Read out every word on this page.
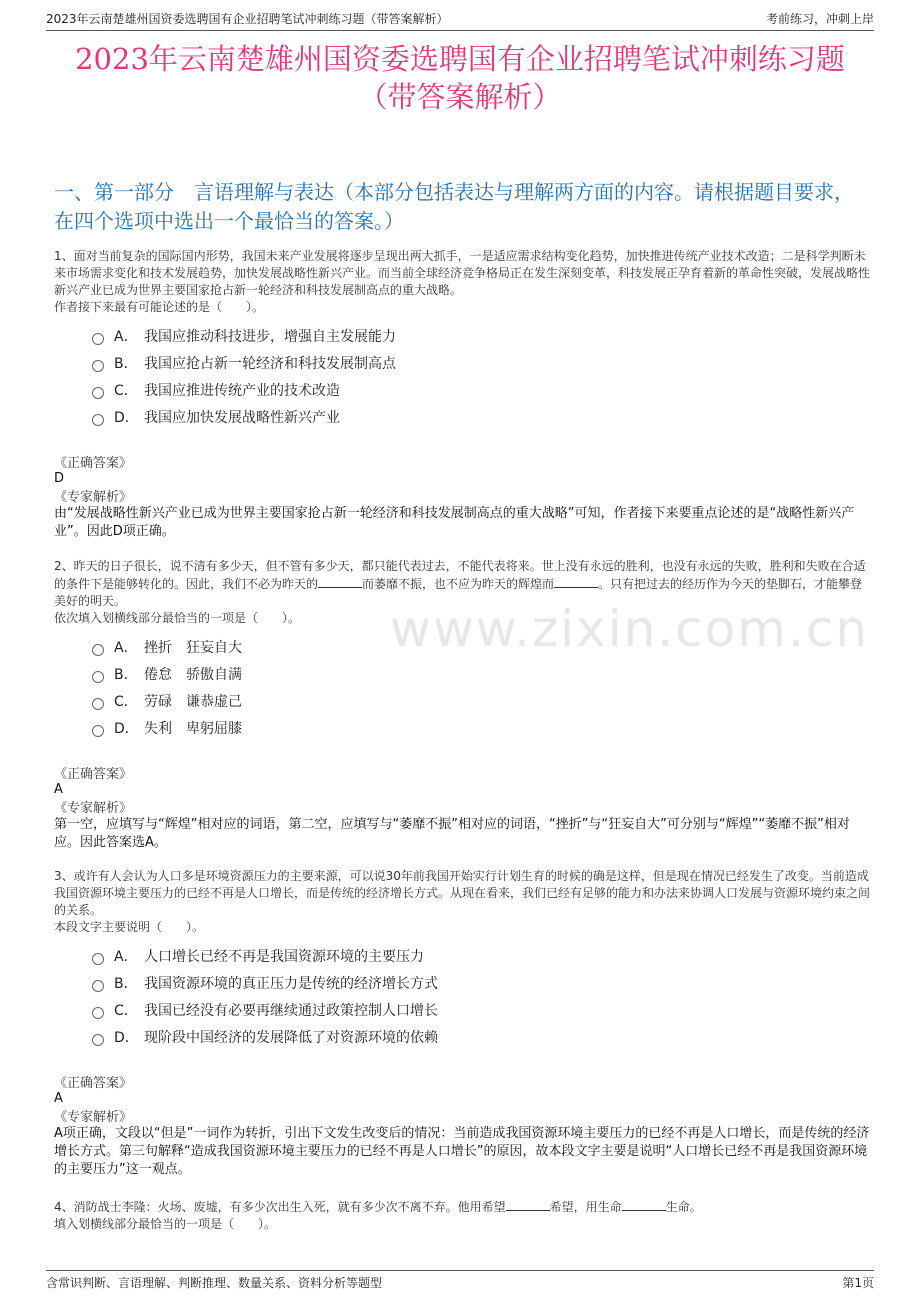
2023年云南楚雄州国资委选聘国有企业招聘笔试冲刺练习题（带答案解析）	考前练习，冲刺上岸
2023年云南楚雄州国资委选聘国有企业招聘笔试冲刺练习题
（带答案解析）
一、第一部分　言语理解与表达（本部分包括表达与理解两方面的内容。请根据题目要求，在四个选项中选出一个最恰当的答案。）
www.zixin.com.cn
1、面对当前复杂的国际国内形势，我国未来产业发展将逐步呈现出两大抓手，一是适应需求结构变化趋势，加快推进传统产业技术改造；二是科学判断未来市场需求变化和技术发展趋势，加快发展战略性新兴产业。而当前全球经济竞争格局正在发生深刻变革，科技发展正孕育着新的革命性突破，发展战略性新兴产业已成为世界主要国家抢占新一轮经济和科技发展制高点的重大战略。
作者接下来最有可能论述的是（　　）。
A． 我国应推动科技进步，增强自主发展能力
B． 我国应抢占新一轮经济和科技发展制高点
C． 我国应推进传统产业的技术改造
D． 我国应加快发展战略性新兴产业
《正确答案》
D
《专家解析》
由“发展战略性新兴产业已成为世界主要国家抢占新一轮经济和科技发展制高点的重大战略”可知，作者接下来要重点论述的是“战略性新兴产业”。因此D项正确。
2、昨天的日子很长，说不清有多少天，但不管有多少天，都只能代表过去，不能代表将来。世上没有永远的胜利，也没有永远的失败，胜利和失败在合适的条件下是能够转化的。因此，我们不必为昨天的	而萎靡不振，也不应为昨天的辉煌而	。只有把过去的经历作为今天的垫脚石，才能攀登美好的明天。
依次填入划横线部分最恰当的一项是（　　）。
A． 挫折　狂妄自大
B． 倦怠　骄傲自满
C． 劳碌　谦恭虚己
D． 失利　卑躬屈膝
《正确答案》
A
《专家解析》
第一空，应填写与“辉煌”相对应的词语，第二空，应填写与“萎靡不振”相对应的词语，“挫折”与“狂妄自大”可分别与“辉煌”“萎靡不振”相对应。因此答案选A。
3、或许有人会认为人口多是环境资源压力的主要来源，可以说30年前我国开始实行计划生育的时候的确是这样，但是现在情况已经发生了改变。当前造成我国资源环境主要压力的已经不再是人口增长，而是传统的经济增长方式。从现在看来，我们已经有足够的能力和办法来协调人口发展与资源环境约束之间的关系。
本段文字主要说明（　　）。
A． 人口增长已经不再是我国资源环境的主要压力
B． 我国资源环境的真正压力是传统的经济增长方式
C． 我国已经没有必要再继续通过政策控制人口增长
D． 现阶段中国经济的发展降低了对资源环境的依赖
《正确答案》
A
《专家解析》
A项正确，文段以“但是”一词作为转折，引出下文发生改变后的情况：当前造成我国资源环境主要压力的已经不再是人口增长，而是传统的经济增长方式。第三句解释“造成我国资源环境主要压力的已经不再是人口增长”的原因，故本段文字主要是说明“人口增长已经不再是我国资源环境的主要压力”这一观点。
4、消防战士李隆：火场、废墟，有多少次出生入死，就有多少次不离不弃。他用希望	希望，用生命	生命。
填入划横线部分最恰当的一项是（　　）。
含常识判断、言语理解、判断推理、数量关系、资料分析等题型	第1页
